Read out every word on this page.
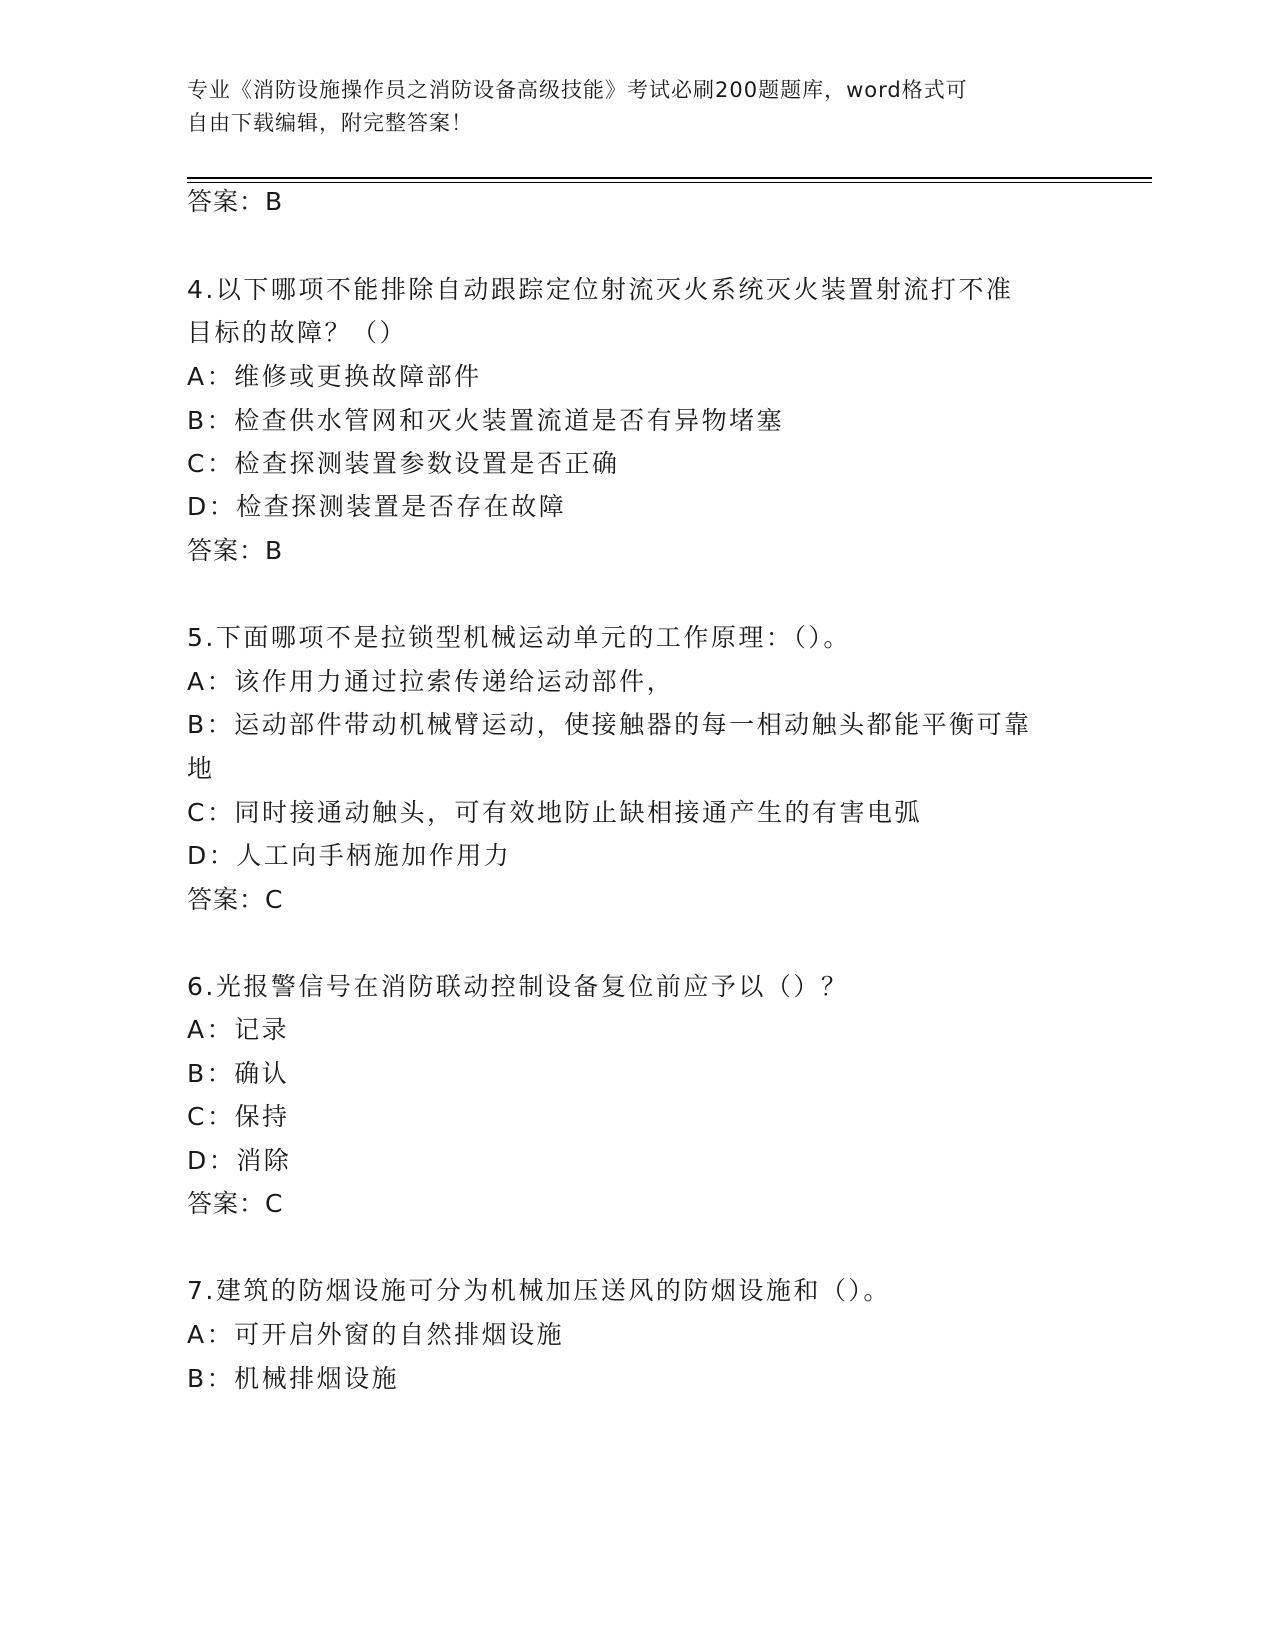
专业《消防设施操作员之消防设备高级技能》考试必刷200题题库，word格式可
自由下载编辑，附完整答案！
答案：B
4.以下哪项不能排除自动跟踪定位射流灭火系统灭火装置射流打不准
目标的故障？（）
A：维修或更换故障部件
B：检查供水管网和灭火装置流道是否有异物堵塞
C：检查探测装置参数设置是否正确
D：检查探测装置是否存在故障
答案：B
5.下面哪项不是拉锁型机械运动单元的工作原理：（）。
A：该作用力通过拉索传递给运动部件，
B：运动部件带动机械臂运动，使接触器的每一相动触头都能平衡可靠
地
C：同时接通动触头，可有效地防止缺相接通产生的有害电弧
D：人工向手柄施加作用力
答案：C
6.光报警信号在消防联动控制设备复位前应予以（）？
A：记录
B：确认
C：保持
D：消除
答案：C
7.建筑的防烟设施可分为机械加压送风的防烟设施和（）。
A：可开启外窗的自然排烟设施
B：机械排烟设施
